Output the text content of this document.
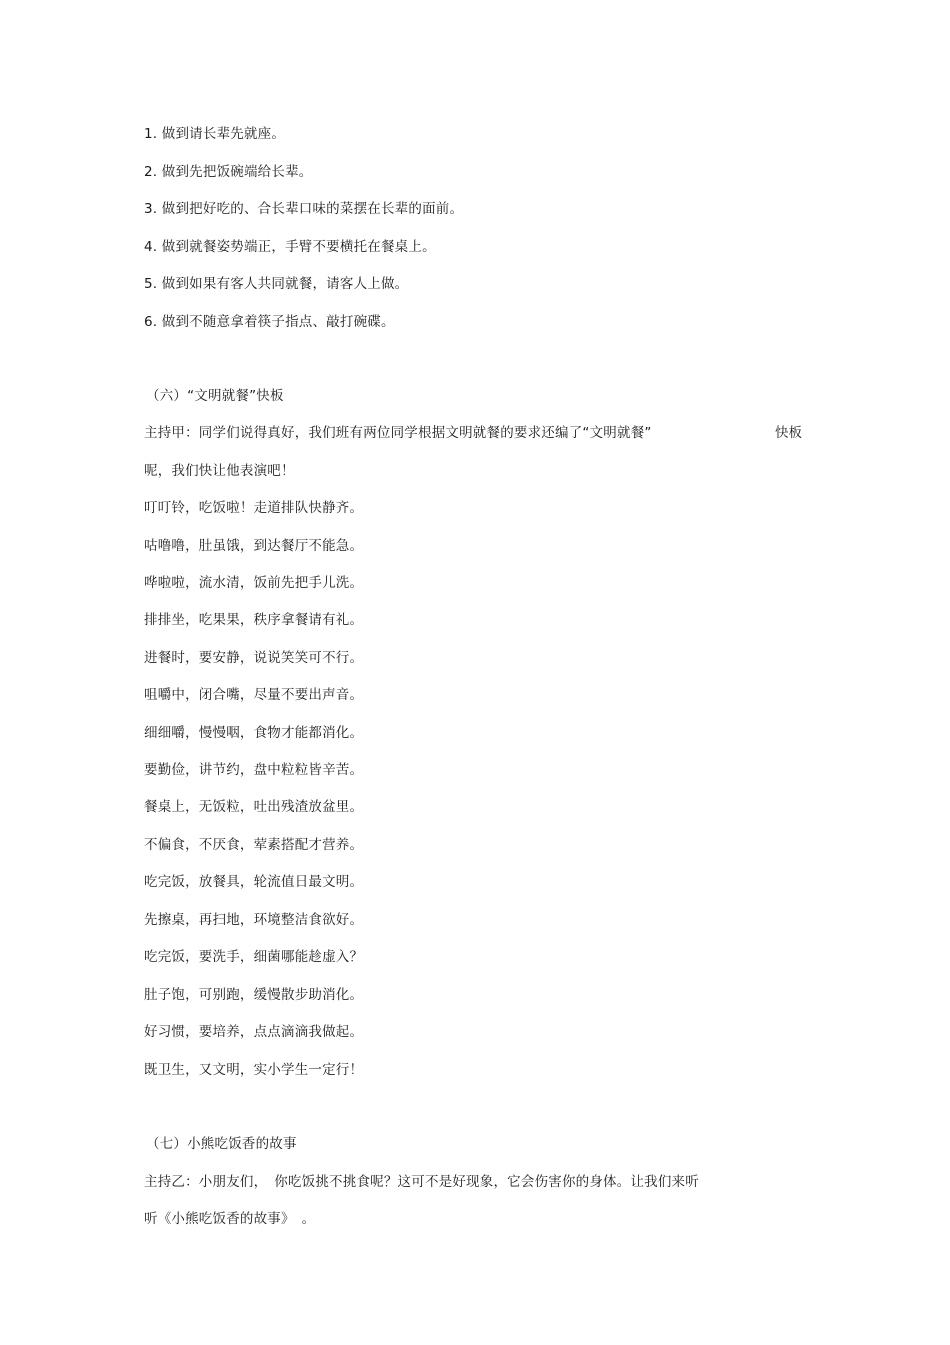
1. 做到请长辈先就座。
2. 做到先把饭碗端给长辈。
3. 做到把好吃的、合长辈口味的菜摆在长辈的面前。
4. 做到就餐姿势端正，手臂不要横托在餐桌上。
5. 做到如果有客人共同就餐，请客人上做。
6. 做到不随意拿着筷子指点、敲打碗碟。
（六）“文明就餐”快板
主持甲：同学们说得真好，我们班有两位同学根据文明就餐的要求还编了“文明就餐”	快板
呢，我们快让他表演吧！
叮叮铃，吃饭啦！走道排队快静齐。
咕噜噜，肚虽饿，到达餐厅不能急。
哗啦啦，流水清，饭前先把手儿洗。
排排坐，吃果果，秩序拿餐请有礼。
进餐时，要安静，说说笑笑可不行。
咀嚼中，闭合嘴，尽量不要出声音。
细细嚼，慢慢咽，食物才能都消化。
要勤俭，讲节约，盘中粒粒皆辛苦。
餐桌上，无饭粒，吐出残渣放盆里。
不偏食，不厌食，荤素搭配才营养。
吃完饭，放餐具，轮流值日最文明。
先擦桌，再扫地，环境整洁食欲好。
吃完饭，要洗手，细菌哪能趁虚入？
肚子饱，可别跑，缓慢散步助消化。
好习惯，要培养，点点滴滴我做起。
既卫生，又文明，实小学生一定行！
（七）小熊吃饭香的故事
主持乙：小朋友们，　你吃饭挑不挑食呢？这可不是好现象，它会伤害你的身体。让我们来听
听《小熊吃饭香的故事》　。
